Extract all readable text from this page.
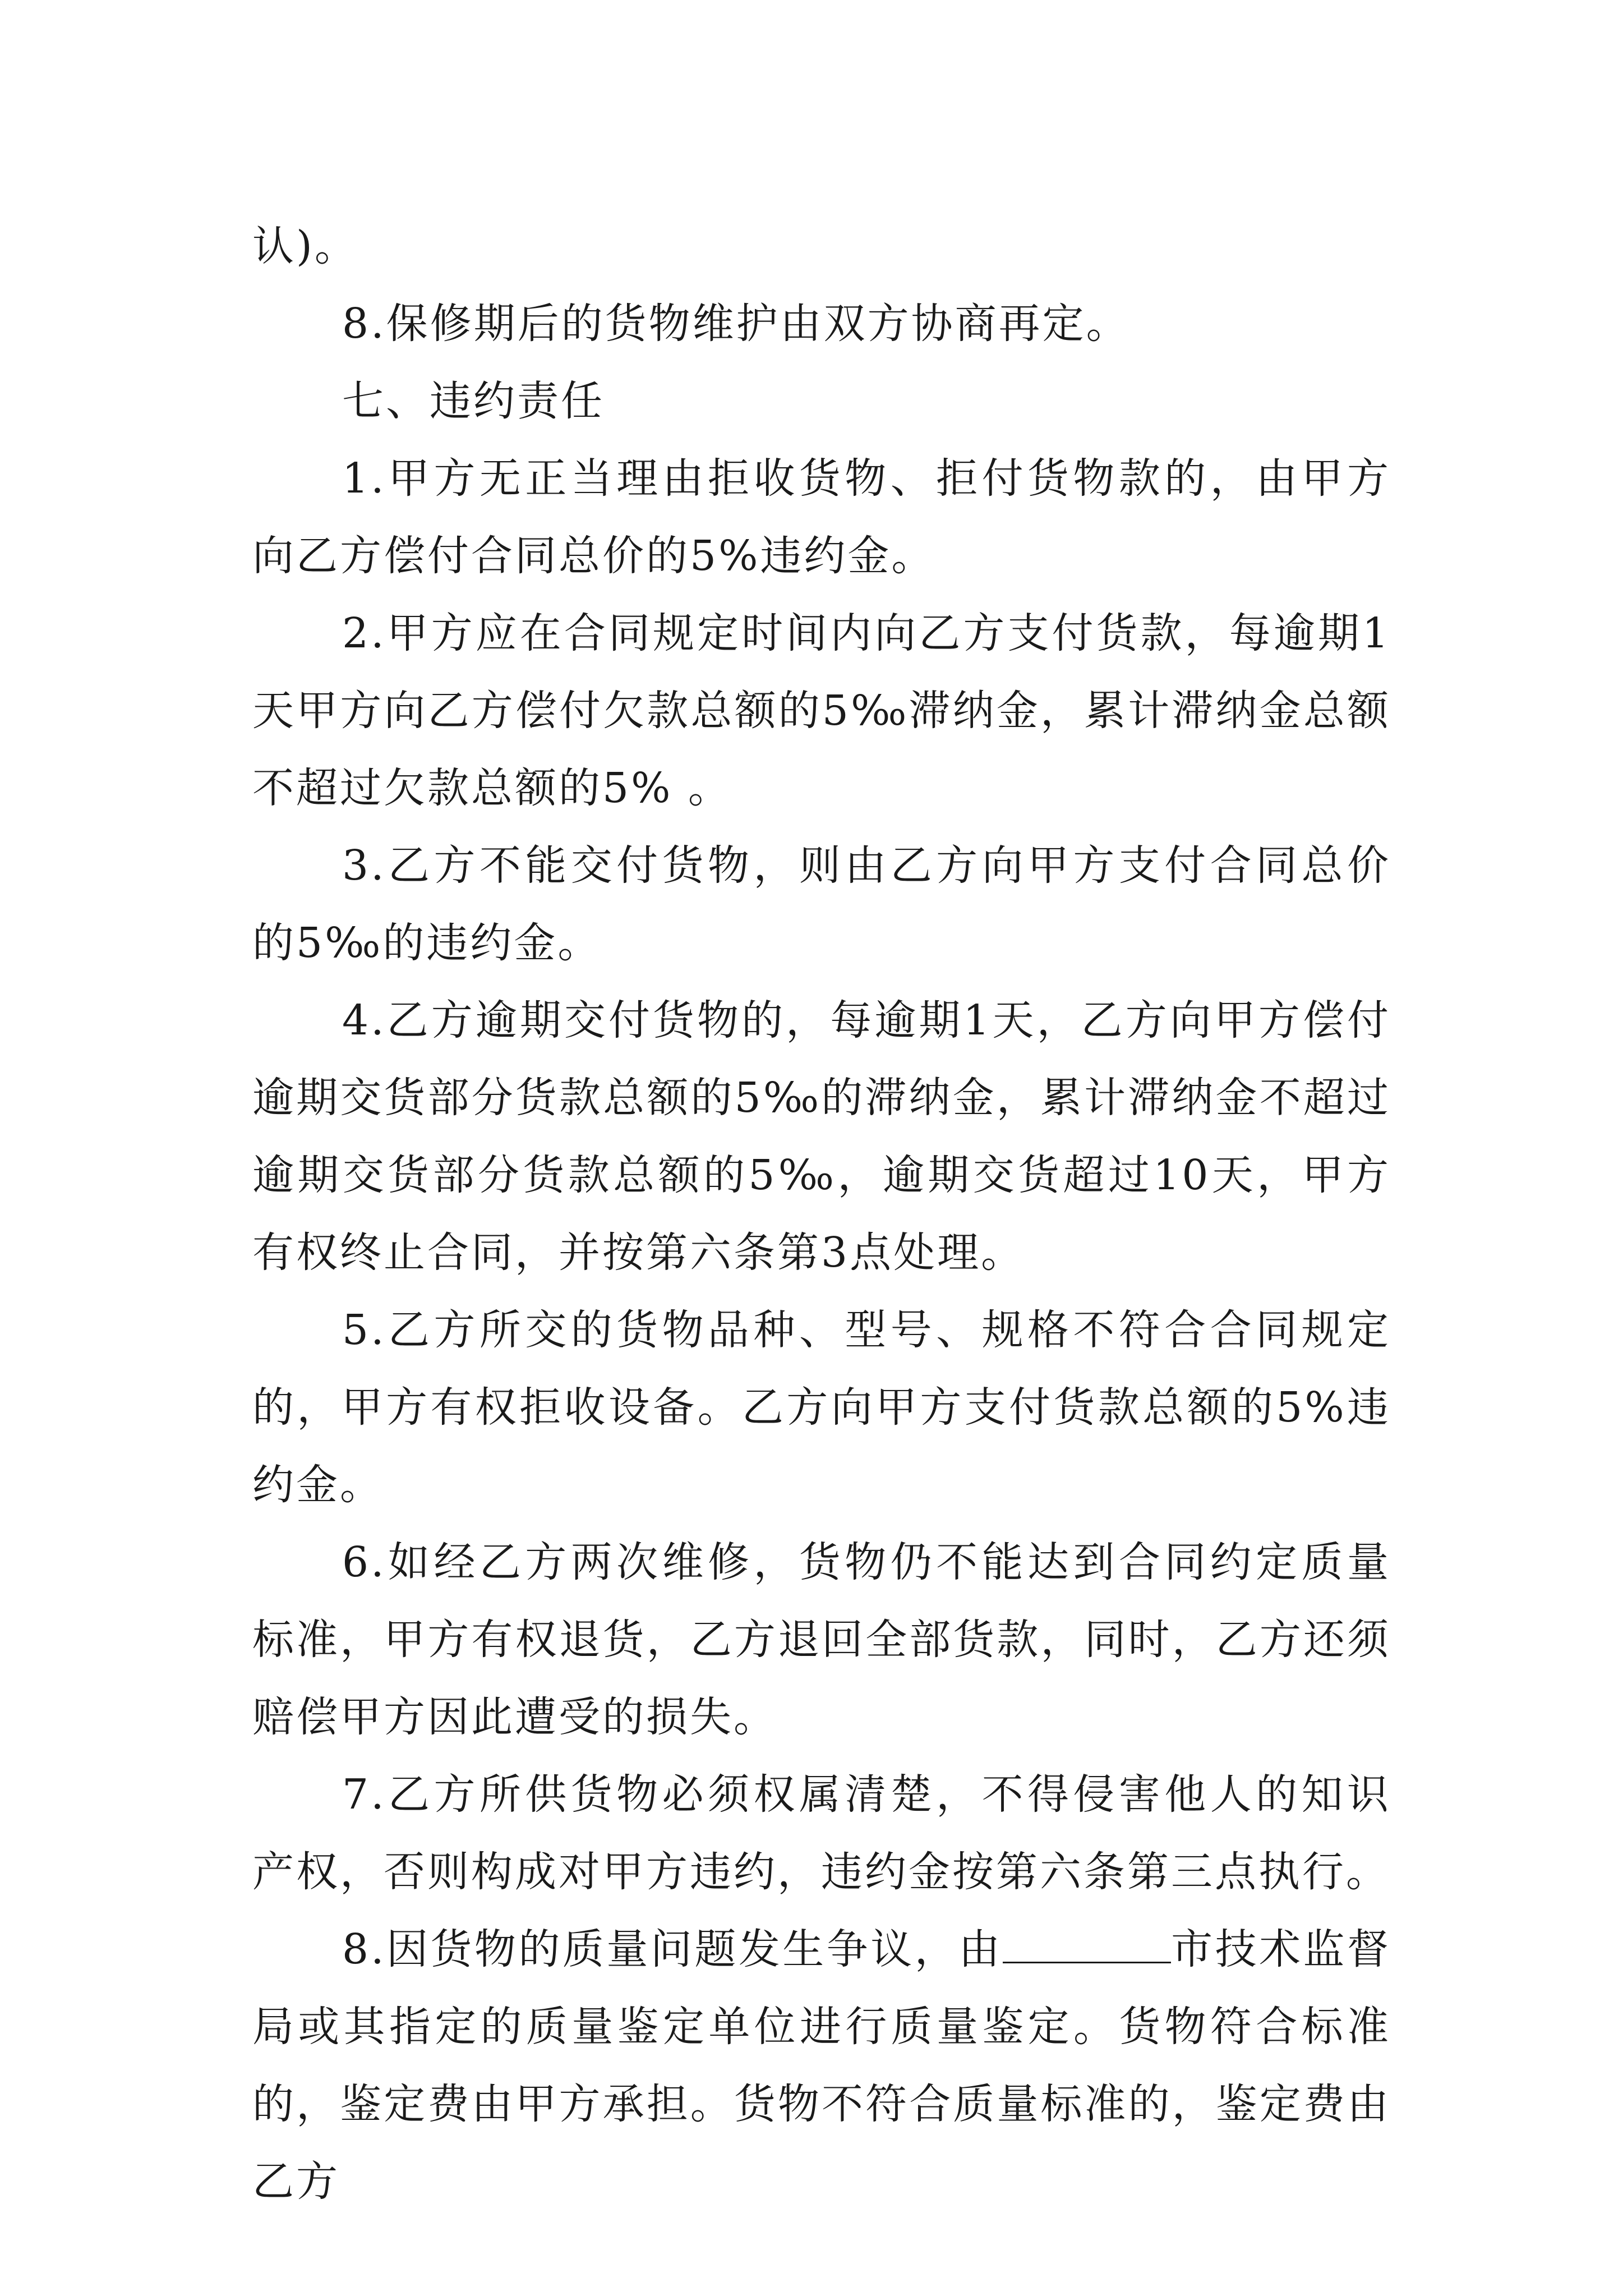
认)。

8.保修期后的货物维护由双方协商再定。

七、违约责任

1.甲方无正当理由拒收货物、拒付货物款的，由甲方向乙方偿付合同总价的5%违约金。

2.甲方应在合同规定时间内向乙方支付货款，每逾期1天甲方向乙方偿付欠款总额的5‰滞纳金，累计滞纳金总额不超过欠款总额的5% 。

3.乙方不能交付货物，则由乙方向甲方支付合同总价的5‰的违约金。

4.乙方逾期交付货物的，每逾期1天，乙方向甲方偿付逾期交货部分货款总额的5‰的滞纳金，累计滞纳金不超过逾期交货部分货款总额的5‰，逾期交货超过10天，甲方有权终止合同，并按第六条第3点处理。

5.乙方所交的货物品种、型号、规格不符合合同规定的，甲方有权拒收设备。乙方向甲方支付货款总额的5%违约金。

6.如经乙方两次维修，货物仍不能达到合同约定质量标准，甲方有权退货，乙方退回全部货款，同时，乙方还须赔偿甲方因此遭受的损失。

7.乙方所供货物必须权属清楚，不得侵害他人的知识产权，否则构成对甲方违约，违约金按第六条第三点执行。

8.因货物的质量问题发生争议，由	市技术监督局或其指定的质量鉴定单位进行质量鉴定。货物符合标准的，鉴定费由甲方承担。货物不符合质量标准的，鉴定费由乙方
